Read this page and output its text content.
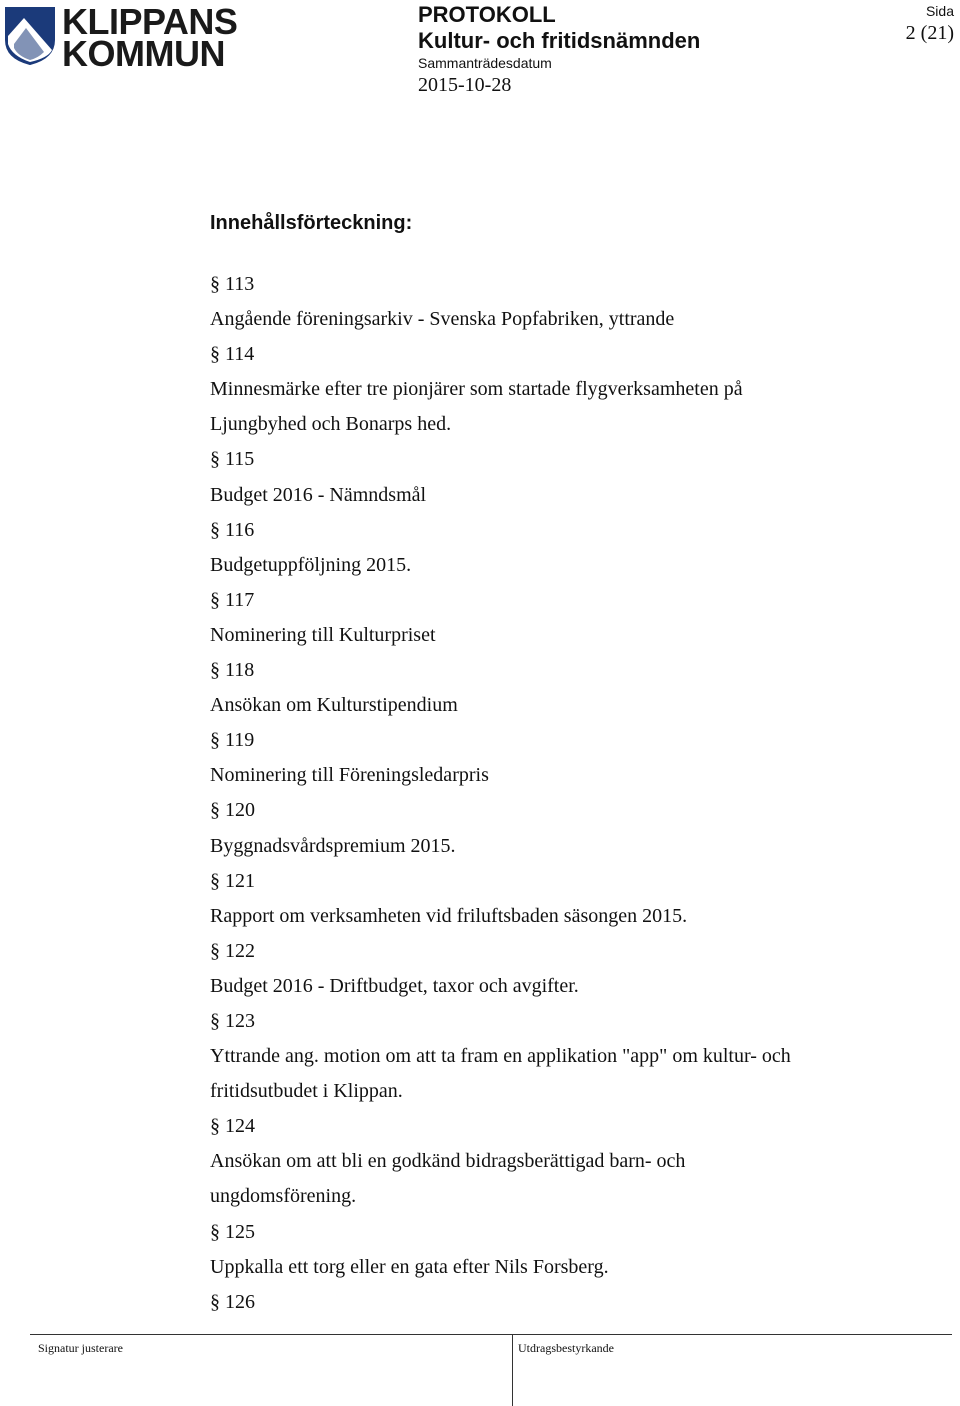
KLIPPANS
KOMMUN
PROTOKOLL
Kultur- och fritidsnämnden
Sammanträdesdatum
2015-10-28
Sida
2 (21)
Innehållsförteckning:
§ 113
Angående föreningsarkiv - Svenska Popfabriken, yttrande
§ 114
Minnesmärke efter tre pionjärer som startade flygverksamheten på
Ljungbyhed och Bonarps hed.
§ 115
Budget 2016 - Nämndsmål
§ 116
Budgetuppföljning 2015.
§ 117
Nominering till Kulturpriset
§ 118
Ansökan om Kulturstipendium
§ 119
Nominering till Föreningsledarpris
§ 120
Byggnadsvårdspremium 2015.
§ 121
Rapport om verksamheten vid friluftsbaden säsongen 2015.
§ 122
Budget 2016 - Driftbudget, taxor och avgifter.
§ 123
Yttrande ang. motion om att ta fram en applikation "app" om kultur- och
fritidsutbudet i Klippan.
§ 124
Ansökan om att bli en godkänd bidragsberättigad barn- och
ungdomsförening.
§ 125
Uppkalla ett torg eller en gata efter Nils Forsberg.
§ 126
Signatur justerare	Utdragsbestyrkande
